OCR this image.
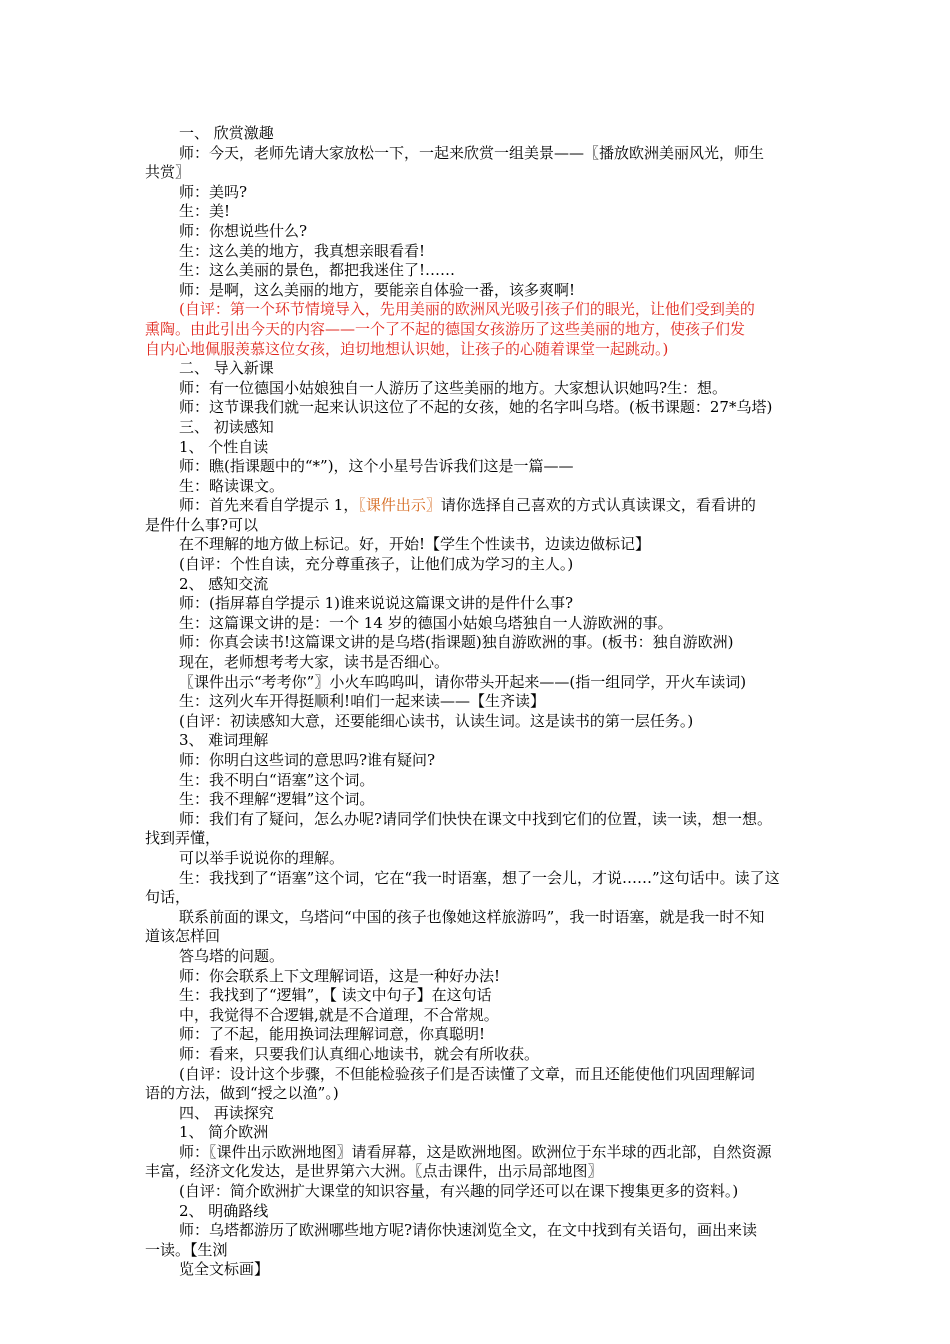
一、 欣赏激趣
师：今天，老师先请大家放松一下，一起来欣赏一组美景——〖播放欧洲美丽风光，师生
共赏〗
师：美吗?
生：美!
师：你想说些什么?
生：这么美的地方，我真想亲眼看看!
生：这么美丽的景色，都把我迷住了!……
师：是啊，这么美丽的地方，要能亲自体验一番，该多爽啊!
(自评：第一个环节情境导入，先用美丽的欧洲风光吸引孩子们的眼光，让他们受到美的
熏陶。由此引出今天的内容——一个了不起的德国女孩游历了这些美丽的地方，使孩子们发
自内心地佩服羡慕这位女孩，迫切地想认识她，让孩子的心随着课堂一起跳动。)
二、 导入新课
师：有一位德国小姑娘独自一人游历了这些美丽的地方。大家想认识她吗?生：想。
师：这节课我们就一起来认识这位了不起的女孩，她的名字叫乌塔。(板书课题：27*乌塔)
三、 初读感知
1、 个性自读
师：瞧(指课题中的“*”)，这个小星号告诉我们这是一篇——
生：略读课文。
师：首先来看自学提示 1，〖课件出示〗请你选择自己喜欢的方式认真读课文，看看讲的
是件什么事?可以
在不理解的地方做上标记。好，开始!【学生个性读书，边读边做标记】
(自评：个性自读，充分尊重孩子，让他们成为学习的主人。)
2、 感知交流
师：(指屏幕自学提示 1)谁来说说这篇课文讲的是件什么事?
生：这篇课文讲的是：一个 14 岁的德国小姑娘乌塔独自一人游欧洲的事。
师：你真会读书!这篇课文讲的是乌塔(指课题)独自游欧洲的事。(板书：独自游欧洲)
现在，老师想考考大家，读书是否细心。
〖课件出示“考考你”〗小火车呜呜叫，请你带头开起来——(指一组同学，开火车读词)
生：这列火车开得挺顺利!咱们一起来读——【生齐读】
(自评：初读感知大意，还要能细心读书，认读生词。这是读书的第一层任务。)
3、 难词理解
师：你明白这些词的意思吗?谁有疑问?
生：我不明白“语塞”这个词。
生：我不理解“逻辑”这个词。
师：我们有了疑问，怎么办呢?请同学们快快在课文中找到它们的位置，读一读，想一想。
找到弄懂，
可以举手说说你的理解。
生：我找到了“语塞”这个词，它在“我一时语塞，想了一会儿，才说……”这句话中。读了这
句话，
联系前面的课文，乌塔问“中国的孩子也像她这样旅游吗”，我一时语塞，就是我一时不知
道该怎样回
答乌塔的问题。
师：你会联系上下文理解词语，这是一种好办法!
生：我找到了“逻辑”，【 读文中句子】在这句话
中，我觉得不合逻辑,就是不合道理，不合常规。
师：了不起，能用换词法理解词意，你真聪明!
师：看来，只要我们认真细心地读书，就会有所收获。
(自评：设计这个步骤，不但能检验孩子们是否读懂了文章，而且还能使他们巩固理解词
语的方法，做到“授之以渔”。)
四、 再读探究
1、 简介欧洲
师：〖课件出示欧洲地图〗请看屏幕，这是欧洲地图。欧洲位于东半球的西北部，自然资源
丰富，经济文化发达，是世界第六大洲。〖点击课件，出示局部地图〗
(自评：简介欧洲扩大课堂的知识容量，有兴趣的同学还可以在课下搜集更多的资料。)
2、 明确路线
师：乌塔都游历了欧洲哪些地方呢?请你快速浏览全文，在文中找到有关语句，画出来读
一读。【生浏
览全文标画】
